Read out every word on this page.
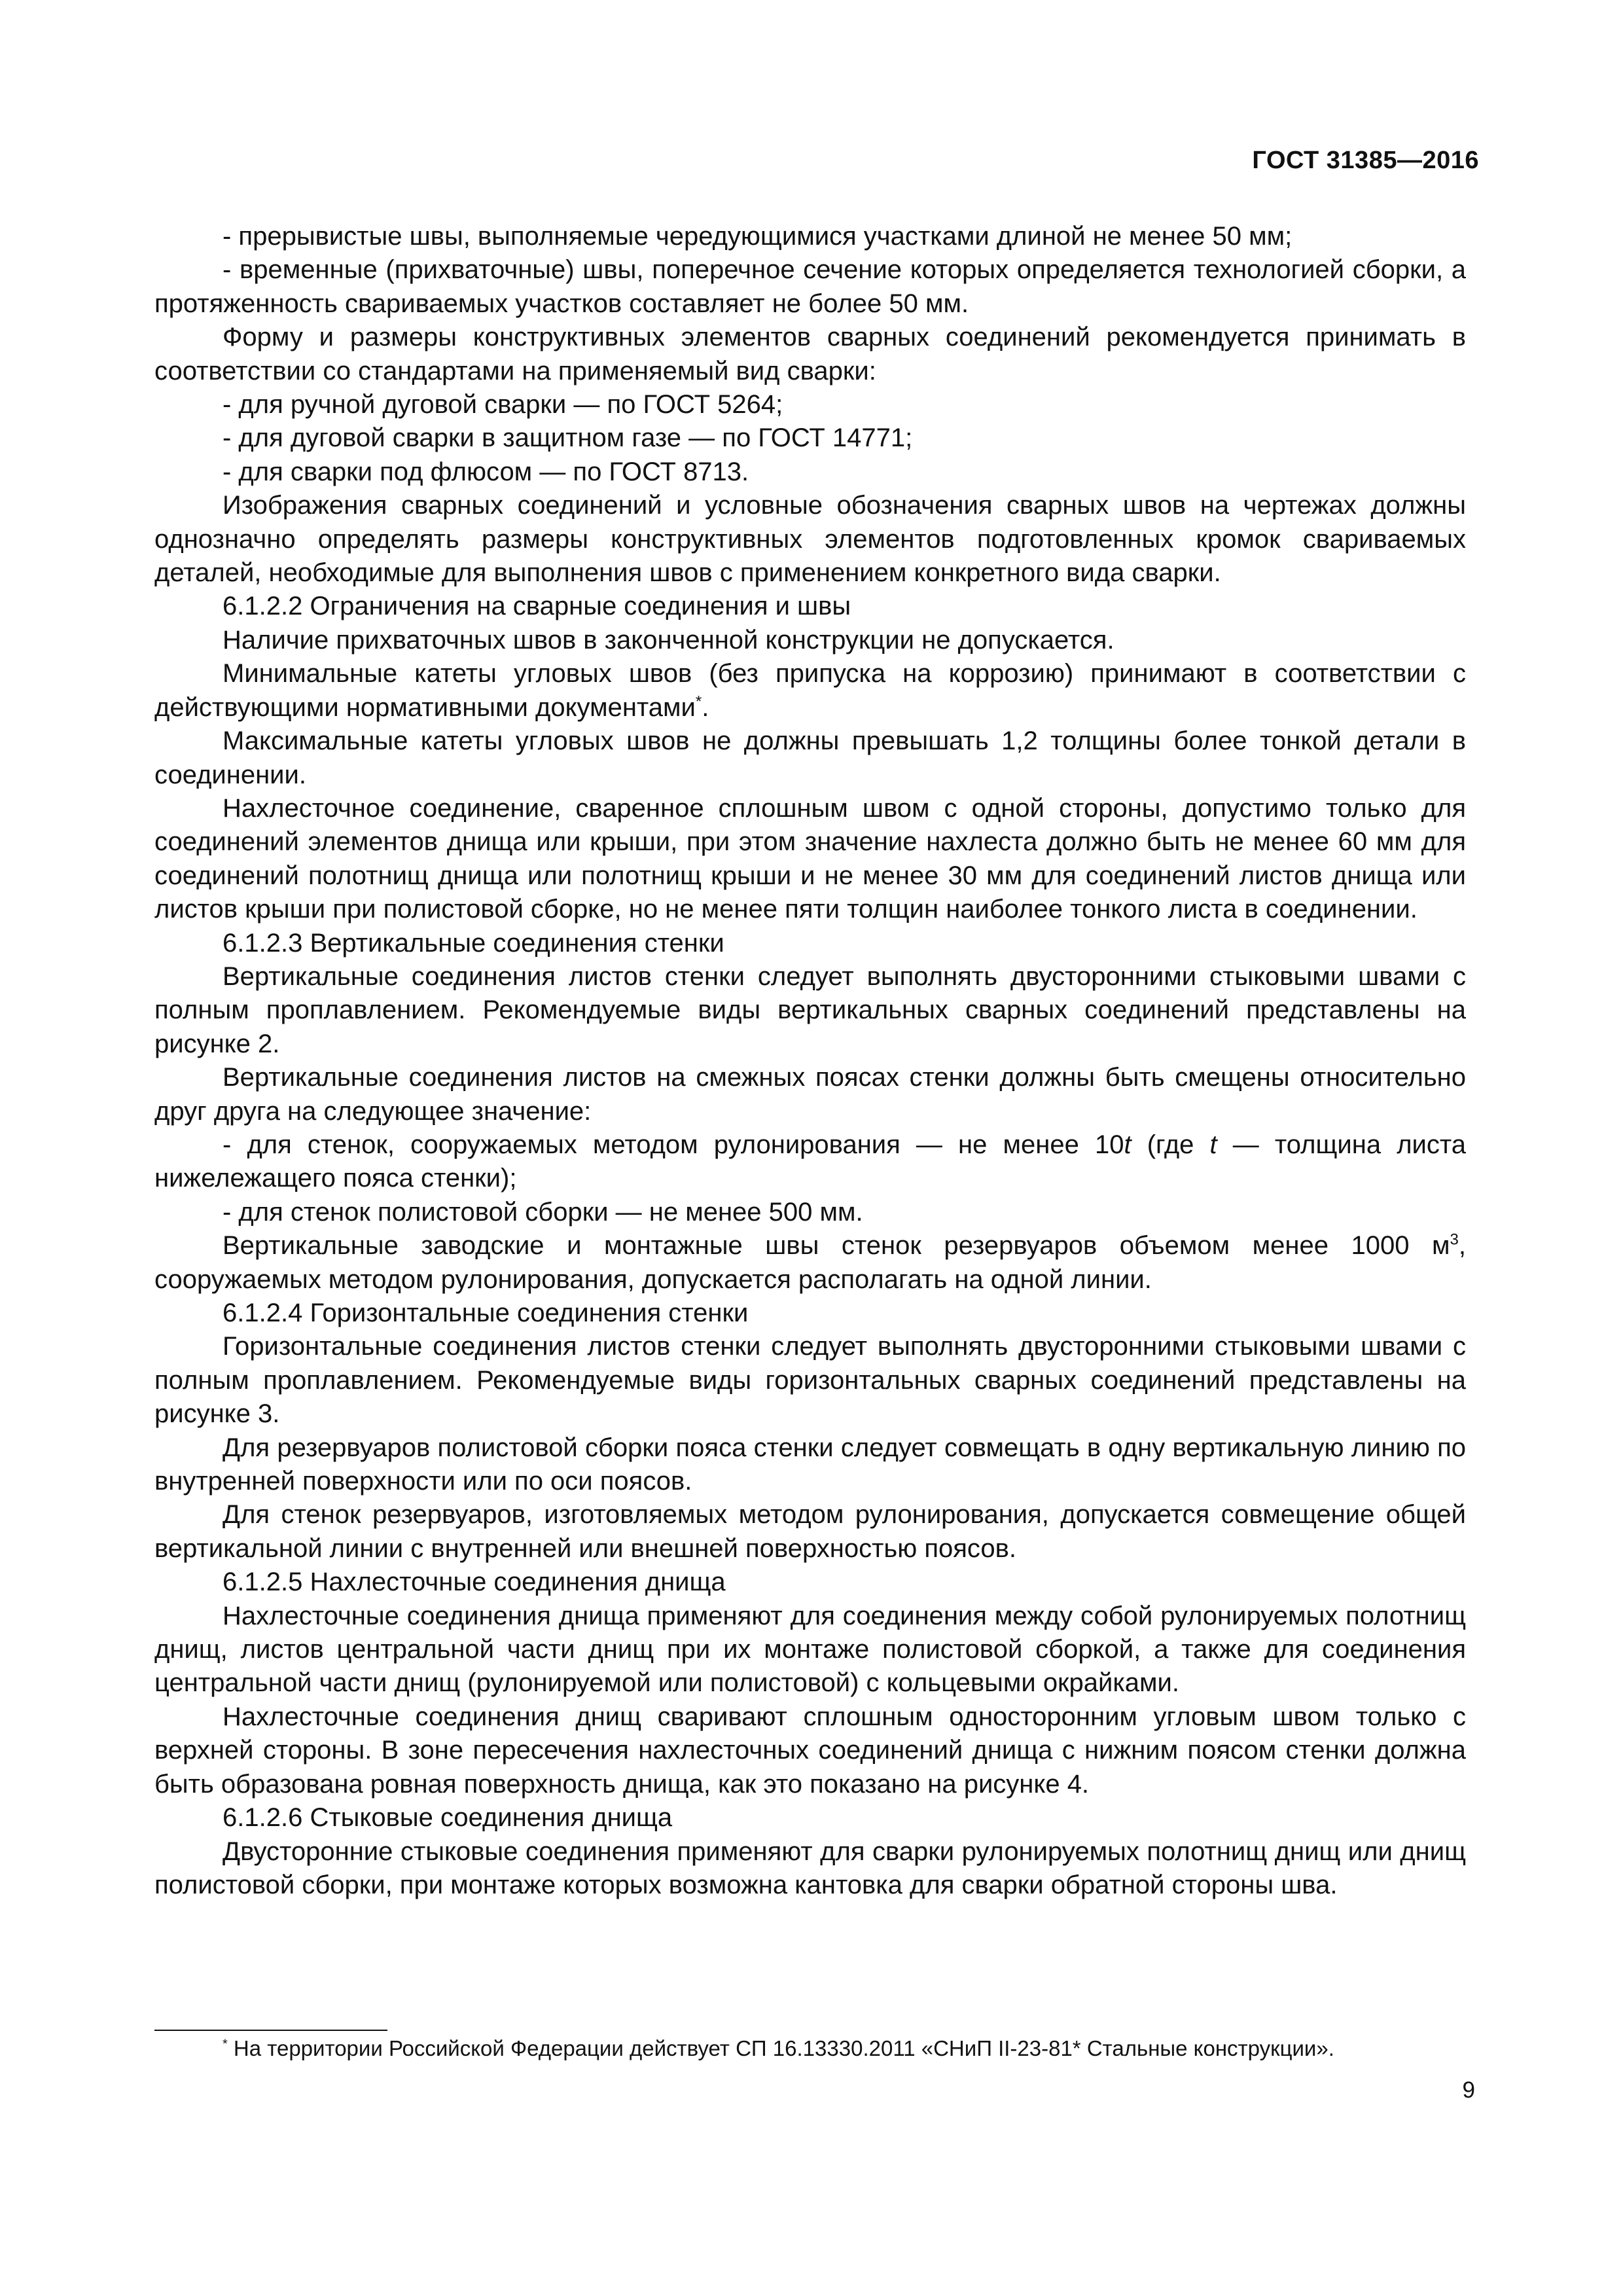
ГОСТ 31385—2016

- прерывистые швы, выполняемые чередующимися участками длиной не менее 50 мм;

- временные (прихваточные) швы, поперечное сечение которых определяется технологией сборки, а протяженность свариваемых участков составляет не более 50 мм.

Форму и размеры конструктивных элементов сварных соединений рекомендуется принимать в соответствии со стандартами на применяемый вид сварки:

- для ручной дуговой сварки — по ГОСТ 5264;

- для дуговой сварки в защитном газе — по ГОСТ 14771;

- для сварки под флюсом — по ГОСТ 8713.

Изображения сварных соединений и условные обозначения сварных швов на чертежах должны однозначно определять размеры конструктивных элементов подготовленных кромок свариваемых деталей, необходимые для выполнения швов с применением конкретного вида сварки.

6.1.2.2 Ограничения на сварные соединения и швы

Наличие прихваточных швов в законченной конструкции не допускается.

Минимальные катеты угловых швов (без припуска на коррозию) принимают в соответствии с действующими нормативными документами*.

Максимальные катеты угловых швов не должны превышать 1,2 толщины более тонкой детали в соединении.

Нахлесточное соединение, сваренное сплошным швом с одной стороны, допустимо только для соединений элементов днища или крыши, при этом значение нахлеста должно быть не менее 60 мм для соединений полотнищ днища или полотнищ крыши и не менее 30 мм для соединений листов днища или листов крыши при полистовой сборке, но не менее пяти толщин наиболее тонкого листа в соединении.

6.1.2.3 Вертикальные соединения стенки

Вертикальные соединения листов стенки следует выполнять двусторонними стыковыми швами с полным проплавлением. Рекомендуемые виды вертикальных сварных соединений представлены на рисунке 2.

Вертикальные соединения листов на смежных поясах стенки должны быть смещены относительно друг друга на следующее значение:

- для стенок, сооружаемых методом рулонирования — не менее 10t (где t — толщина листа нижележащего пояса стенки);

- для стенок полистовой сборки — не менее 500 мм.

Вертикальные заводские и монтажные швы стенок резервуаров объемом менее 1000 $м^3$, сооружаемых методом рулонирования, допускается располагать на одной линии.

6.1.2.4 Горизонтальные соединения стенки

Горизонтальные соединения листов стенки следует выполнять двусторонними стыковыми швами с полным проплавлением. Рекомендуемые виды горизонтальных сварных соединений представлены на рисунке 3.

Для резервуаров полистовой сборки пояса стенки следует совмещать в одну вертикальную линию по внутренней поверхности или по оси поясов.

Для стенок резервуаров, изготовляемых методом рулонирования, допускается совмещение общей вертикальной линии с внутренней или внешней поверхностью поясов.

6.1.2.5 Нахлесточные соединения днища

Нахлесточные соединения днища применяют для соединения между собой рулонируемых полотнищ днищ, листов центральной части днищ при их монтаже полистовой сборкой, а также для соединения центральной части днищ (рулонируемой или полистовой) с кольцевыми окрайками.

Нахлесточные соединения днищ сваривают сплошным односторонним угловым швом только с верхней стороны. В зоне пересечения нахлесточных соединений днища с нижним поясом стенки должна быть образована ровная поверхность днища, как это показано на рисунке 4.

6.1.2.6 Стыковые соединения днища

Двусторонние стыковые соединения применяют для сварки рулонируемых полотнищ днищ или днищ полистовой сборки, при монтаже которых возможна кантовка для сварки обратной стороны шва.

* На территории Российской Федерации действует СП 16.13330.2011 «СНиП II-23-81* Стальные конструкции».
9
